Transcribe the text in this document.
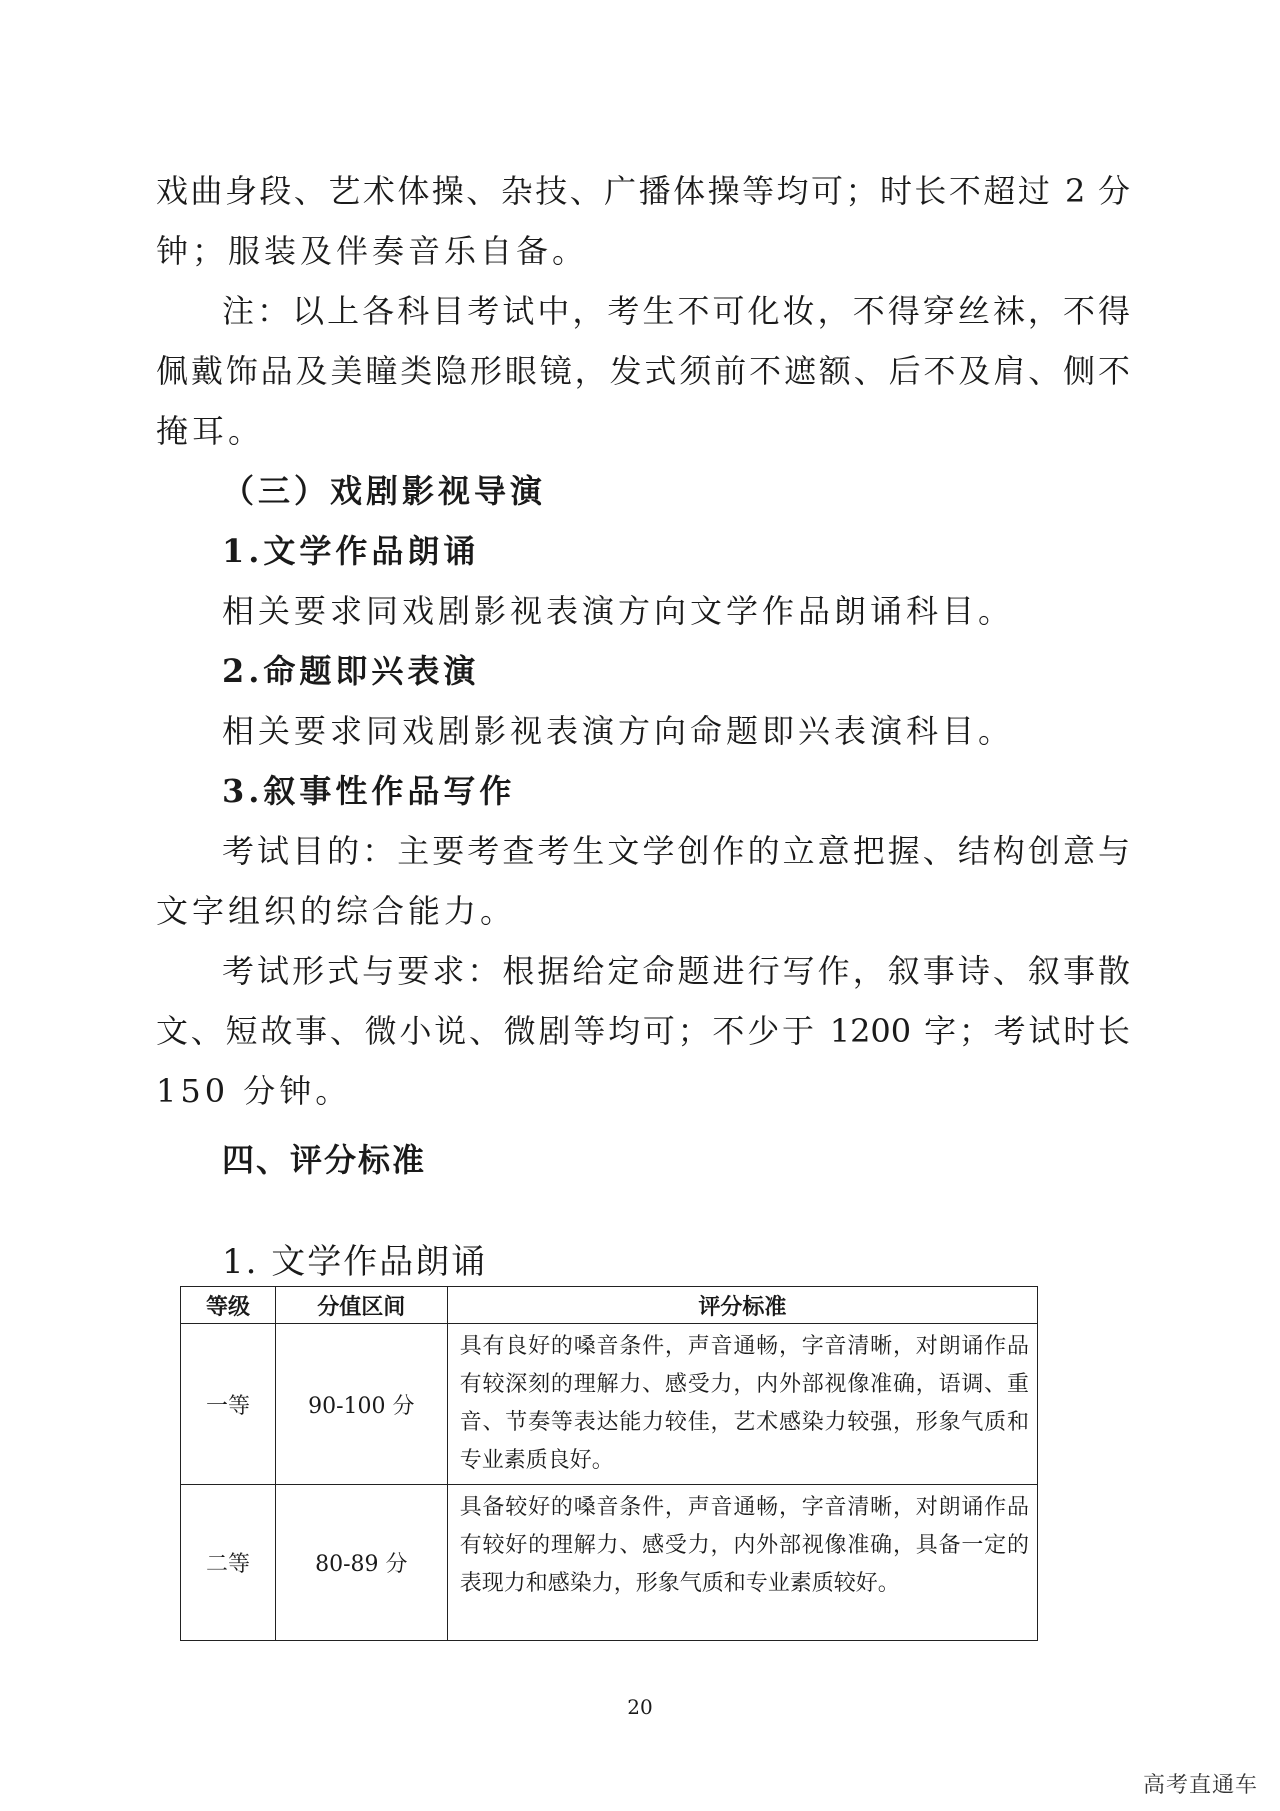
戏曲身段、艺术体操、杂技、广播体操等均可；时长不超过 2 分
钟；服装及伴奏音乐自备。
注：以上各科目考试中，考生不可化妆，不得穿丝袜，不得
佩戴饰品及美瞳类隐形眼镜，发式须前不遮额、后不及肩、侧不
掩耳。
（三）戏剧影视导演
1.文学作品朗诵
相关要求同戏剧影视表演方向文学作品朗诵科目。
2.命题即兴表演
相关要求同戏剧影视表演方向命题即兴表演科目。
3.叙事性作品写作
考试目的：主要考查考生文学创作的立意把握、结构创意与
文字组织的综合能力。
考试形式与要求：根据给定命题进行写作，叙事诗、叙事散
文、短故事、微小说、微剧等均可；不少于 1200 字；考试时长
150 分钟。
四、评分标准
1. 文学作品朗诵
等级	分值区间	评分标准
一等	90-100 分	具有良好的嗓音条件，声音通畅，字音清晰，对朗诵作品有较深刻的理解力、感受力，内外部视像准确，语调、重音、节奏等表达能力较佳，艺术感染力较强，形象气质和专业素质良好。
二等	80-89 分	具备较好的嗓音条件，声音通畅，字音清晰，对朗诵作品有较好的理解力、感受力，内外部视像准确，具备一定的表现力和感染力，形象气质和专业素质较好。
20
高考直通车
